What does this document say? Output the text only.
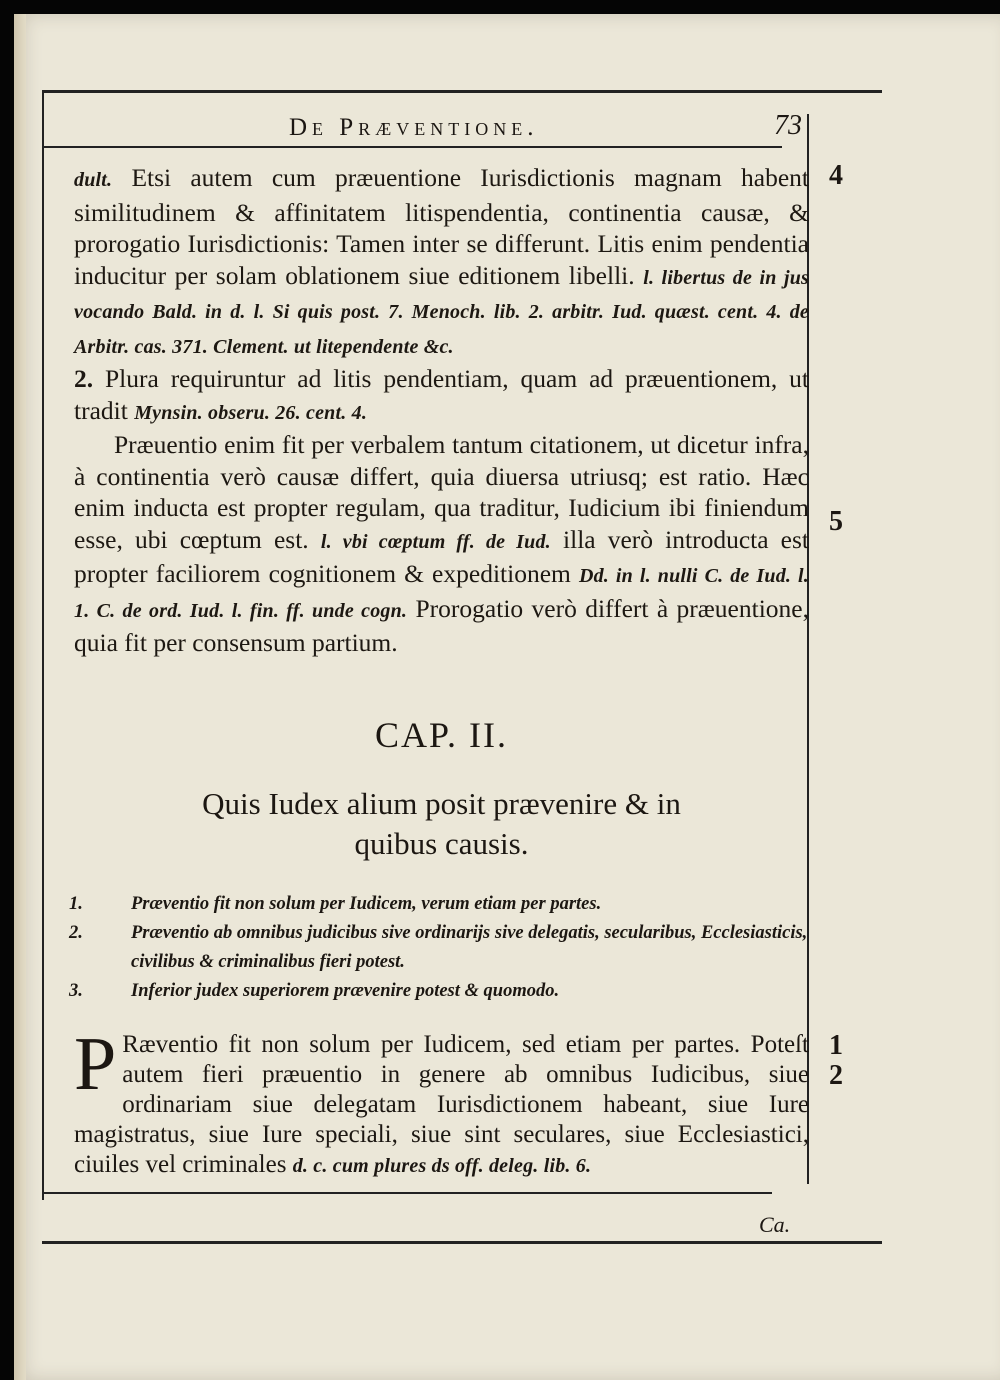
De Præventione.	73

dult. Etsi autem cum præuentione Iurisdictionis magnam habent similitudinem & affinitatem litispendentia, continentia causæ, & prorogatio Iurisdictionis: Tamen inter se differunt. Litis enim pendentia inducitur per solam oblationem siue editionem libelli. l. libertus de in jus vocando Bald. in d. l. Si quis post. 7. Menoch. lib. 2. arbitr. Iud. quæst. cent. 4. de Arbitr. cas. 371. Clement. ut litependente &c.

2. Plura requiruntur ad litis pendentiam, quam ad præuentionem, ut tradit Mynsin. obseru. 26. cent. 4.

Præuentio enim fit per verbalem tantum citationem, ut dicetur infra, à continentia verò causæ differt, quia diuersa utriusq; est ratio. Hæc enim inducta est propter regulam, qua traditur, Iudicium ibi finiendum esse, ubi cœptum est. l. vbi cœptum ff. de Iud. illa verò introducta est propter faciliorem cognitionem & expeditionem Dd. in l. nulli C. de Iud. l. 1. C. de ord. Iud. l. fin. ff. unde cogn. Prorogatio verò differt à præuentione, quia fit per consensum partium.

CAP. II.
Quis Iudex alium posit prævenire & in
quibus causis.
1.	Præventio fit non solum per Iudicem, verum etiam per partes.
2.	Præventio ab omnibus judicibus sive ordinarijs sive delegatis, secularibus, Ecclesiasticis, civilibus & criminalibus fieri potest.
3.	Inferior judex superiorem prævenire potest & quomodo.
P Ræventio fit non solum per Iudicem, sed etiam per partes. Poteſt autem fieri præuentio in genere ab omnibus Iudicibus, siue ordinariam siue delegatam Iurisdictionem habeant, siue Iure magistratus, siue Iure speciali, siue sint seculares, siue Ecclesiastici, ciuiles vel criminales d. c. cum plures ds off. deleg. lib. 6.
4
5
1
2
Ca.
